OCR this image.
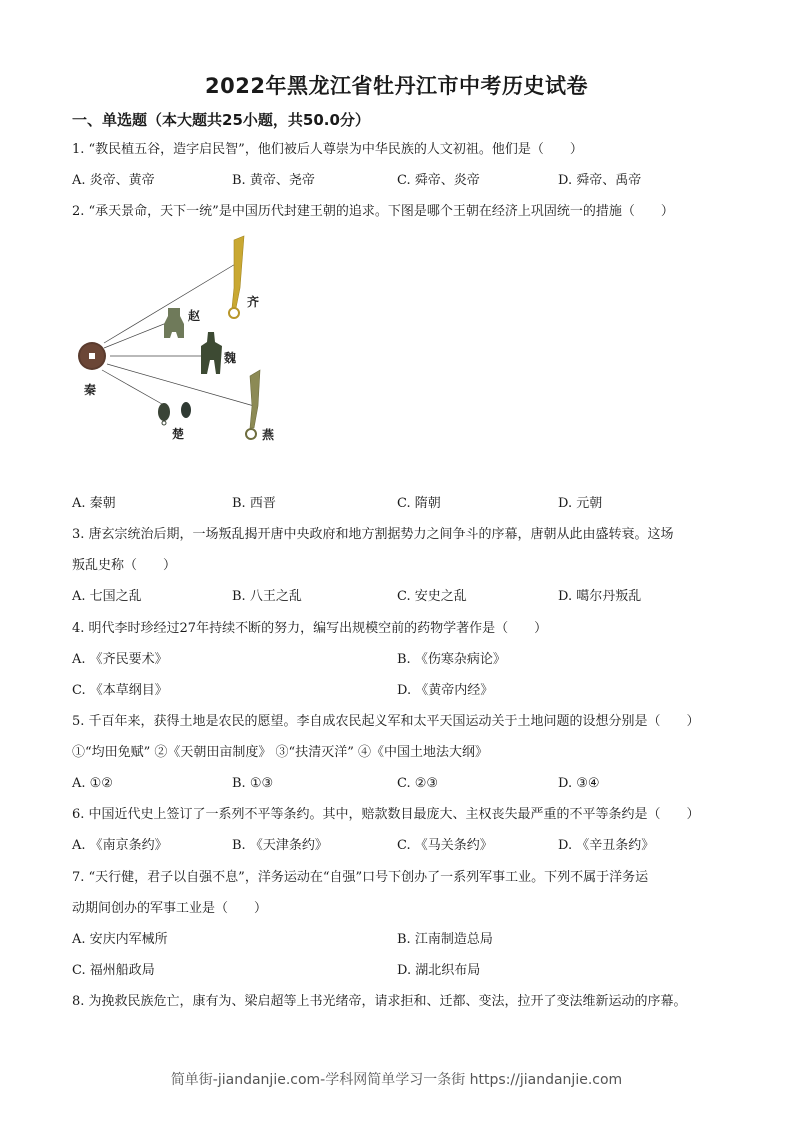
2022年黑龙江省牡丹江市中考历史试卷
一、单选题（本大题共25小题，共50.0分）
1. “教民植五谷，造字启民智”，他们被后人尊崇为中华民族的人文初祖。他们是（　　）
A. 炎帝、黄帝	B. 黄帝、尧帝	C. 舜帝、炎帝	D. 舜帝、禹帝
2. “承天景命，天下一统”是中国历代封建王朝的追求。下图是哪个王朝在经济上巩固统一的措施（　　）
秦
齐
赵
魏
楚	燕
A. 秦朝	B. 西晋	C. 隋朝	D. 元朝
3. 唐玄宗统治后期，一场叛乱揭开唐中央政府和地方割据势力之间争斗的序幕，唐朝从此由盛转衰。这场
叛乱史称（　　）
A. 七国之乱	B. 八王之乱	C. 安史之乱	D. 噶尔丹叛乱
4. 明代李时珍经过27年持续不断的努力，编写出规模空前的药物学著作是（　　）
A. 《齐民要术》	B. 《伤寒杂病论》
C. 《本草纲目》	D. 《黄帝内经》
5. 千百年来，获得土地是农民的愿望。李自成农民起义军和太平天国运动关于土地问题的设想分别是（　　）
①“均田免赋” ②《天朝田亩制度》 ③“扶清灭洋” ④《中国土地法大纲》
A. ①②	B. ①③	C. ②③	D. ③④
6. 中国近代史上签订了一系列不平等条约。其中，赔款数目最庞大、主权丧失最严重的不平等条约是（　　）
A. 《南京条约》	B. 《天津条约》	C. 《马关条约》	D. 《辛丑条约》
7. “天行健，君子以自强不息”，洋务运动在“自强”口号下创办了一系列军事工业。下列不属于洋务运
动期间创办的军事工业是（　　）
A. 安庆内军械所	B. 江南制造总局
C. 福州船政局	D. 湖北织布局
8. 为挽救民族危亡，康有为、梁启超等上书光绪帝，请求拒和、迁都、变法，拉开了变法维新运动的序幕。
简单街-jiandanjie.com-学科网简单学习一条街 https://jiandanjie.com
